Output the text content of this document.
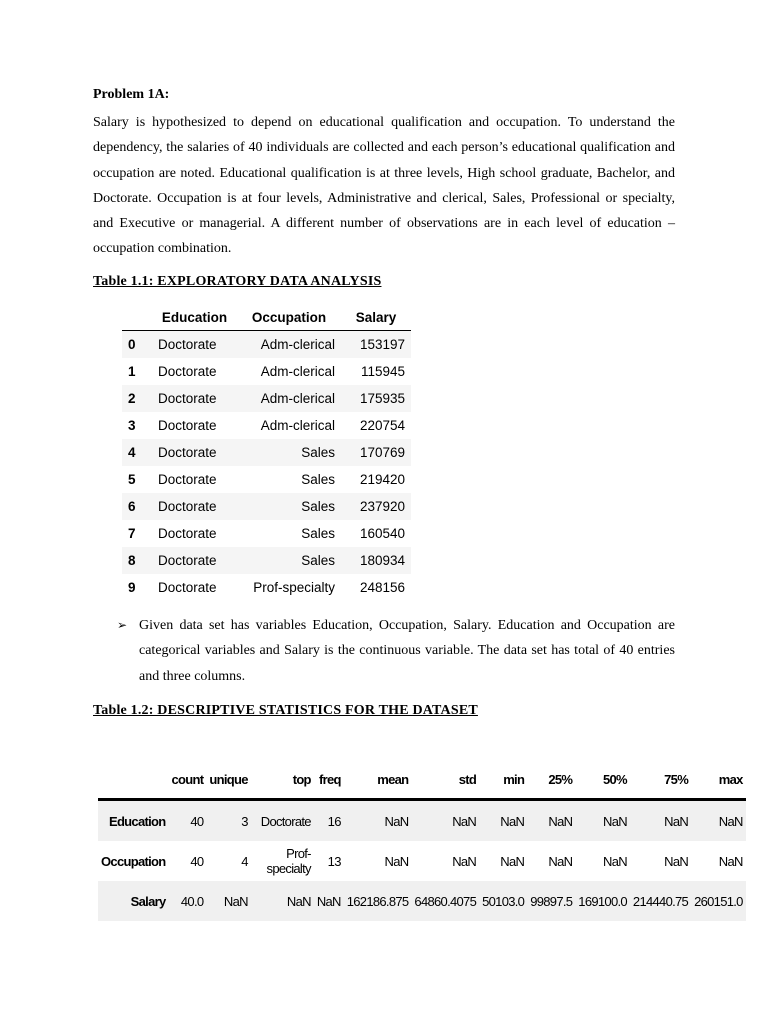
Problem 1A:

Salary is hypothesized to depend on educational qualification and occupation. To understand the dependency, the salaries of 40 individuals are collected and each person’s educational qualification and occupation are noted. Educational qualification is at three levels, High school graduate, Bachelor, and Doctorate. Occupation is at four levels, Administrative and clerical, Sales, Professional or specialty, and Executive or managerial. A different number of observations are in each level of education – occupation combination.

Table 1.1: EXPLORATORY DATA ANALYSIS
	Education	Occupation	Salary
0	Doctorate	Adm-clerical	153197
1	Doctorate	Adm-clerical	115945
2	Doctorate	Adm-clerical	175935
3	Doctorate	Adm-clerical	220754
4	Doctorate	Sales	170769
5	Doctorate	Sales	219420
6	Doctorate	Sales	237920
7	Doctorate	Sales	160540
8	Doctorate	Sales	180934
9	Doctorate	Prof-specialty	248156
➢ Given data set has variables Education, Occupation, Salary. Education and Occupation are categorical variables and Salary is the continuous variable. The data set has total of 40 entries and three columns.

Table 1.2: DESCRIPTIVE STATISTICS FOR THE DATASET
	count	unique	top	freq	mean	std	min	25%	50%	75%	max
Education	40	3	Doctorate	16	NaN	NaN	NaN	NaN	NaN	NaN	NaN
Occupation	40	4	Prof-specialty	13	NaN	NaN	NaN	NaN	NaN	NaN	NaN
Salary	40.0	NaN	NaN	NaN	162186.875	64860.4075	50103.0	99897.5	169100.0	214440.75	260151.0
